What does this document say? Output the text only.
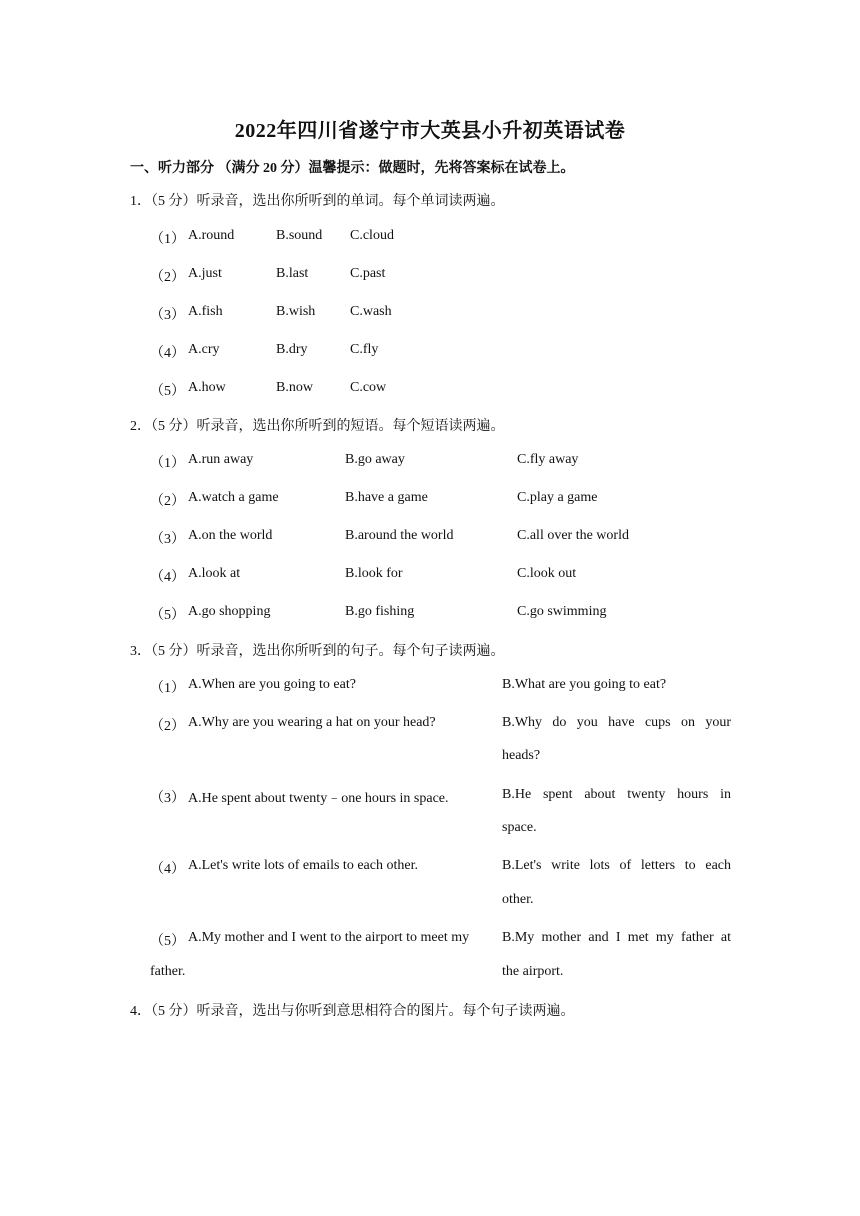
2022年四川省遂宁市大英县小升初英语试卷
一、听力部分 （满分 20 分）温馨提示：做题时，先将答案标在试卷上。
1．（5 分）听录音，选出你所听到的单词。每个单词读两遍。
（1） A.round	B.sound C.cloud
（2） A.just	B.last	C.past
（3） A.fish	B.wish C.wash
（4） A.cry	B.dry	C.fly
（5） A.how	B.now	C.cow
2．（5 分）听录音，选出你所听到的短语。每个短语读两遍。
（1） A.run away	B.go away	C.fly away
（2） A.watch a game	B.have a game	C.play a game
（3） A.on the world	B.around the world	C.all over the world
（4） A.look at	B.look for	C.look out
（5） A.go shopping	B.go fishing	C.go swimming
3．（5 分）听录音，选出你所听到的句子。每个句子读两遍。
（1） A.When are you going to eat?	B.What are you going to eat?
（2） A.Why are you wearing a hat on your head?	B.Why do you have cups on your
heads?
（3） A.He spent about twenty﹣one hours in space.	B.He spent about twenty hours in
space.
（4） A.Let's write lots of emails to each other.	B.Let's write lots of letters to each
other.
（5） A.My mother and I went to the airport to meet my
father.
B.My mother and I met my father at
the airport.
4．（5 分）听录音，选出与你听到意思相符合的图片。每个句子读两遍。
